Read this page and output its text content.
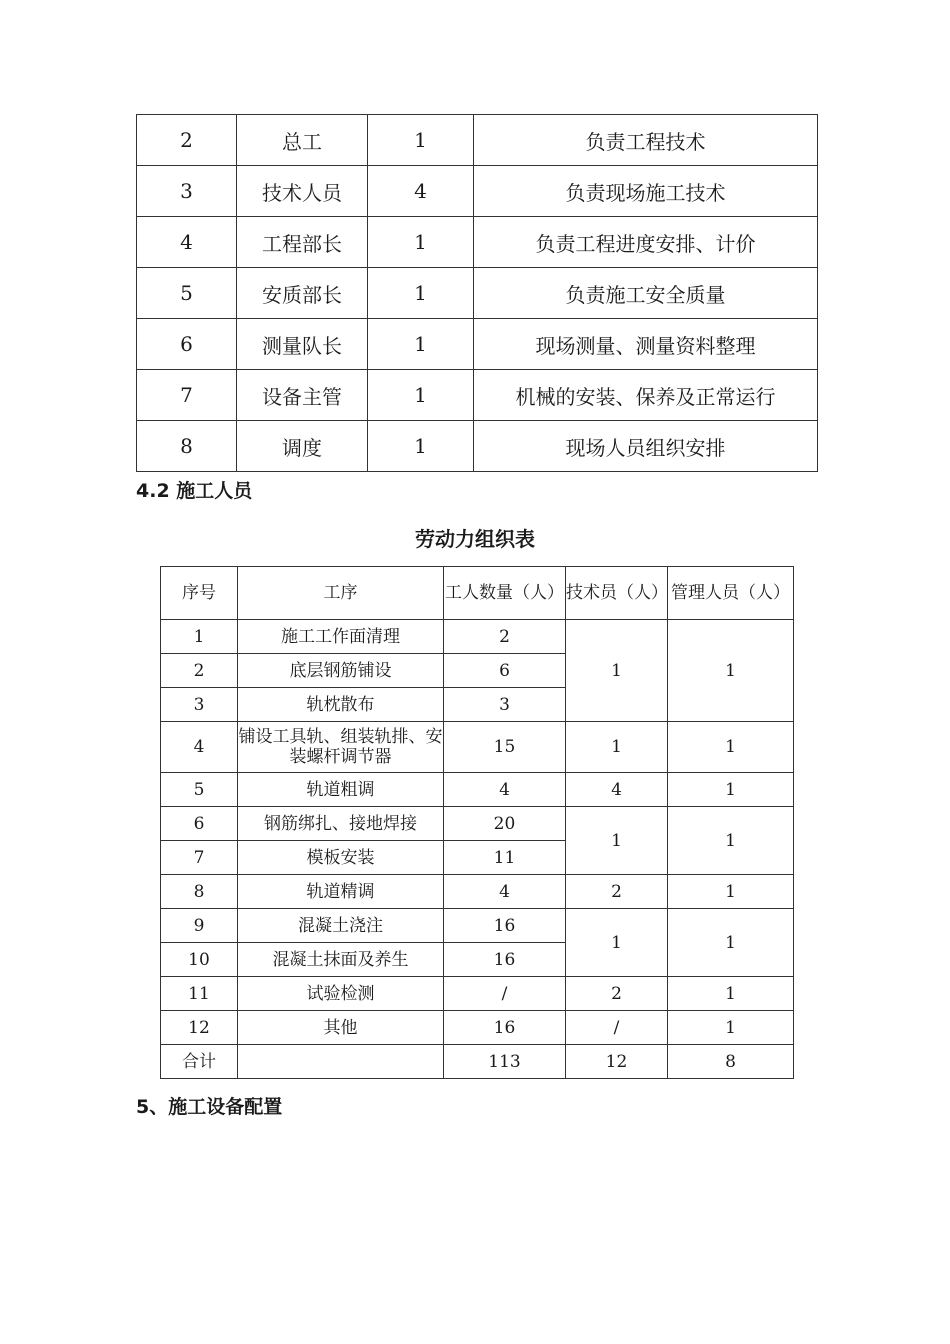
2	总工	1	负责工程技术
3	技术人员	4	负责现场施工技术
4	工程部长	1	负责工程进度安排、计价
5	安质部长	1	负责施工安全质量
6	测量队长	1	现场测量、测量资料整理
7	设备主管	1	机械的安装、保养及正常运行
8	调度	1	现场人员组织安排
4.2 施工人员
劳动力组织表
序号	工序	工人数量（人）	技术员（人）	管理人员（人）
1	施工工作面清理	2	1	1
2	底层钢筋铺设	6		
3	轨枕散布	3		
4	铺设工具轨、组装轨排、安装螺杆调节器	15	1	1
5	轨道粗调	4	4	1
6	钢筋绑扎、接地焊接	20	1	1
7	模板安装	11		
8	轨道精调	4	2	1
9	混凝土浇注	16	1	1
10	混凝土抹面及养生	16		
11	试验检测	/	2	1
12	其他	16	/	1
合计		113	12	8
5、施工设备配置
